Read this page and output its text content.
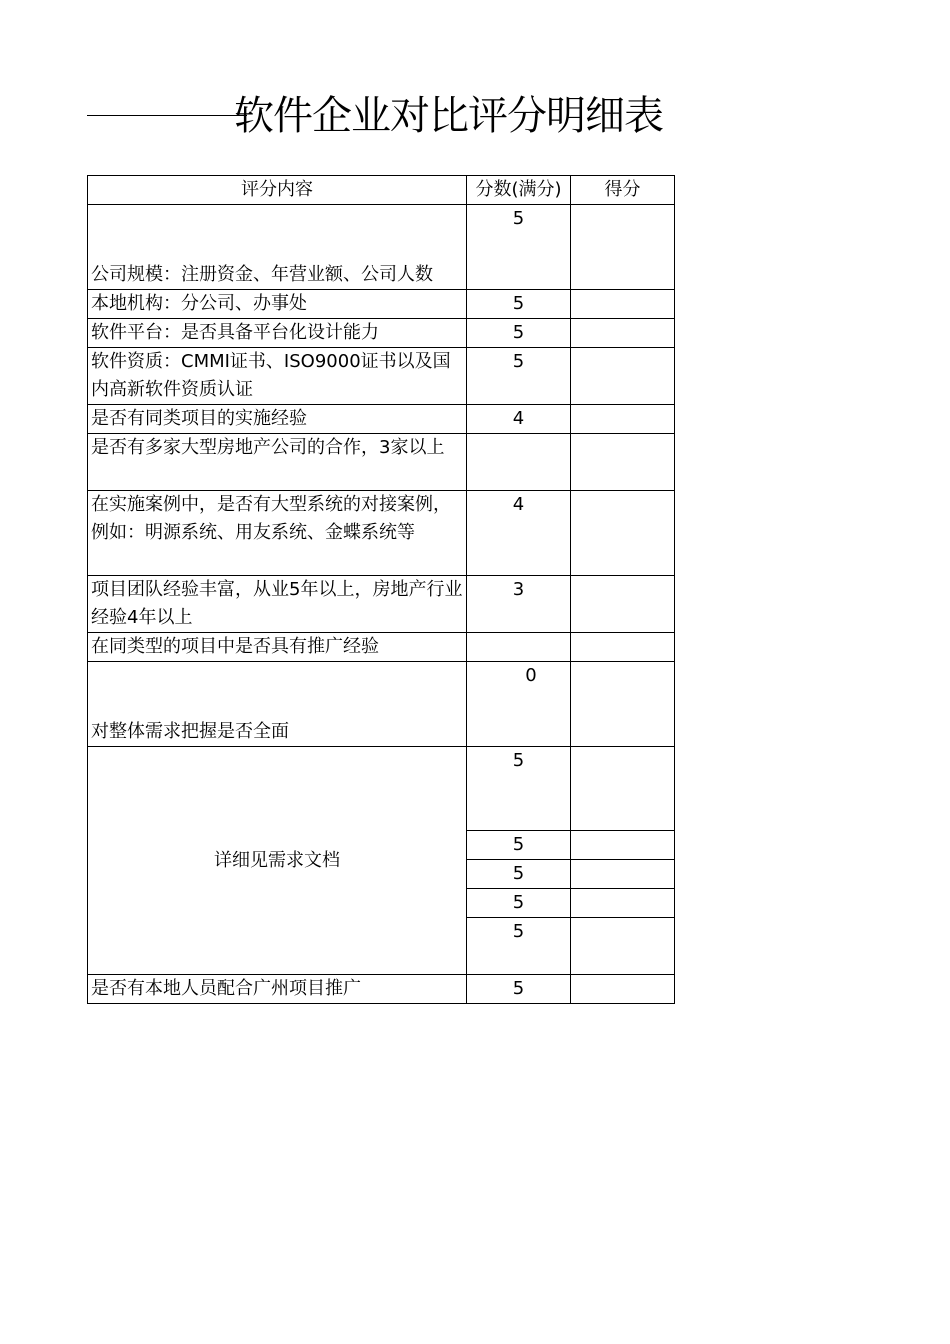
软件企业对比评分明细表
评分内容	分数(满分)	得分
公司规模：注册资金、年营业额、公司人数	5	
本地机构：分公司、办事处	5	
软件平台：是否具备平台化设计能力	5	
软件资质：CMMI证书、ISO9000证书以及国内高新软件资质认证	5	
是否有同类项目的实施经验	4	
是否有多家大型房地产公司的合作，3家以上		
在实施案例中，是否有大型系统的对接案例，例如：明源系统、用友系统、金蝶系统等	4	
项目团队经验丰富，从业5年以上，房地产行业经验4年以上	3	
在同类型的项目中是否具有推广经验		
对整体需求把握是否全面	0	
详细见需求文档	5	
	5	
	5	
	5	
	5	
是否有本地人员配合广州项目推广	5	
